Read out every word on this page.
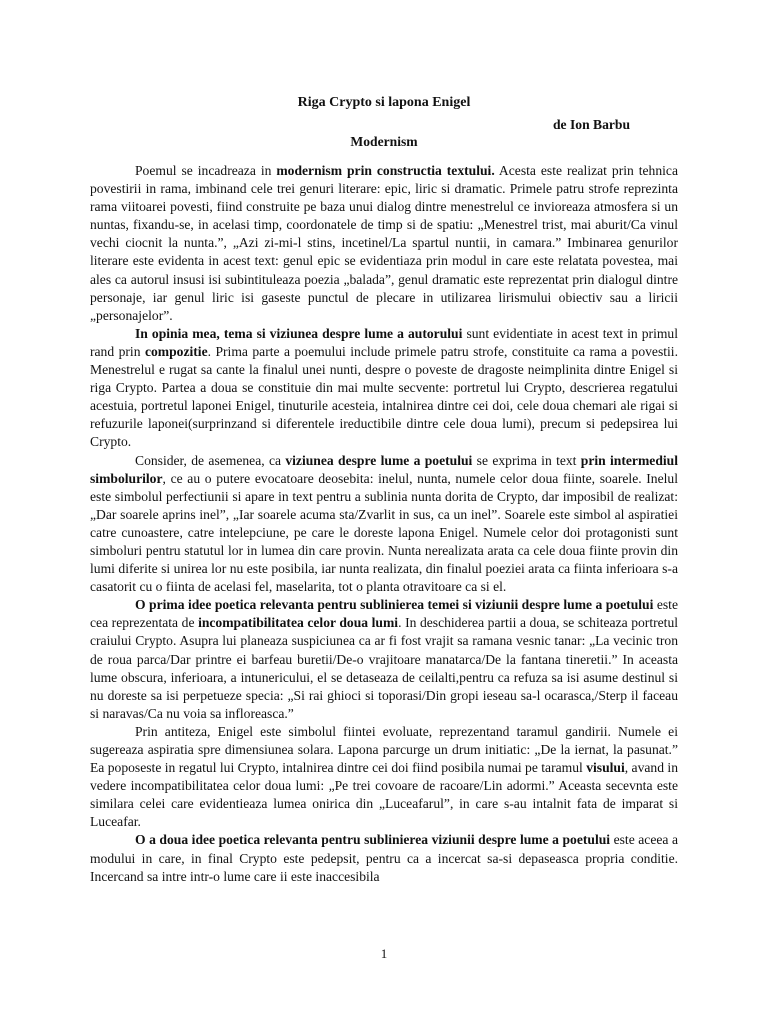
Riga Crypto si lapona Enigel
de Ion Barbu
Modernism

Poemul se incadreaza in modernism prin constructia textului. Acesta este realizat prin tehnica povestirii in rama, imbinand cele trei genuri literare: epic, liric si dramatic. Primele patru strofe reprezinta rama viitoarei povesti, fiind construite pe baza unui dialog dintre menestrelul ce invioreaza atmosfera si un nuntas, fixandu-se, in acelasi timp, coordonatele de timp si de spatiu: „Menestrel trist, mai aburit/Ca vinul vechi ciocnit la nunta.”, „Azi zi-mi-l stins, incetinel/La spartul nuntii, in camara.” Imbinarea genurilor literare este evidenta in acest text: genul epic se evidentiaza prin modul in care este relatata povestea, mai ales ca autorul insusi isi subintituleaza poezia „balada”, genul dramatic este reprezentat prin dialogul dintre personaje, iar genul liric isi gaseste punctul de plecare in utilizarea lirismului obiectiv sau a liricii „personajelor”.

In opinia mea, tema si viziunea despre lume a autorului sunt evidentiate in acest text in primul rand prin compozitie. Prima parte a poemului include primele patru strofe, constituite ca rama a povestii. Menestrelul e rugat sa cante la finalul unei nunti, despre o poveste de dragoste neimplinita dintre Enigel si riga Crypto. Partea a doua se constituie din mai multe secvente: portretul lui Crypto, descrierea regatului acestuia, portretul laponei Enigel, tinuturile acesteia, intalnirea dintre cei doi, cele doua chemari ale rigai si refuzurile laponei(surprinzand si diferentele ireductibile dintre cele doua lumi), precum si pedepsirea lui Crypto.

Consider, de asemenea, ca viziunea despre lume a poetului se exprima in text prin intermediul simbolurilor, ce au o putere evocatoare deosebita: inelul, nunta, numele celor doua fiinte, soarele. Inelul este simbolul perfectiunii si apare in text pentru a sublinia nunta dorita de Crypto, dar imposibil de realizat: „Dar soarele aprins inel”, „Iar soarele acuma sta/Zvarlit in sus, ca un inel”. Soarele este simbol al aspiratiei catre cunoastere, catre intelepciune, pe care le doreste lapona Enigel. Numele celor doi protagonisti sunt simboluri pentru statutul lor in lumea din care provin. Nunta nerealizata arata ca cele doua fiinte provin din lumi diferite si unirea lor nu este posibila, iar nunta realizata, din finalul poeziei arata ca fiinta inferioara s-a casatorit cu o fiinta de acelasi fel, maselarita, tot o planta otravitoare ca si el.

O prima idee poetica relevanta pentru sublinierea temei si viziunii despre lume a poetului este cea reprezentata de incompatibilitatea celor doua lumi. In deschiderea partii a doua, se schiteaza portretul craiului Crypto. Asupra lui planeaza suspiciunea ca ar fi fost vrajit sa ramana vesnic tanar: „La vecinic tron de roua parca/Dar printre ei barfeau buretii/De-o vrajitoare manatarca/De la fantana tineretii.” In aceasta lume obscura, inferioara, a intunericului, el se detaseaza de ceilalti,pentru ca refuza sa isi asume destinul si nu doreste sa isi perpetueze specia: „Si rai ghioci si toporasi/Din gropi ieseau sa-l ocarasca,/Sterp il faceau si naravas/Ca nu voia sa infloreasca.”

Prin antiteza, Enigel este simbolul fiintei evoluate, reprezentand taramul gandirii. Numele ei sugereaza aspiratia spre dimensiunea solara. Lapona parcurge un drum initiatic: „De la iernat, la pasunat.” Ea poposeste in regatul lui Crypto, intalnirea dintre cei doi fiind posibila numai pe taramul visului, avand in vedere incompatibilitatea celor doua lumi: „Pe trei covoare de racoare/Lin adormi.” Aceasta secevnta este similara celei care evidentieaza lumea onirica din „Luceafarul”, in care s-au intalnit fata de imparat si Luceafar.

O a doua idee poetica relevanta pentru sublinierea viziunii despre lume a poetului este aceea a modului in care, in final Crypto este pedepsit, pentru ca a incercat sa-si depaseasca propria conditie. Incercand sa intre intr-o lume care ii este inaccesibila

1
